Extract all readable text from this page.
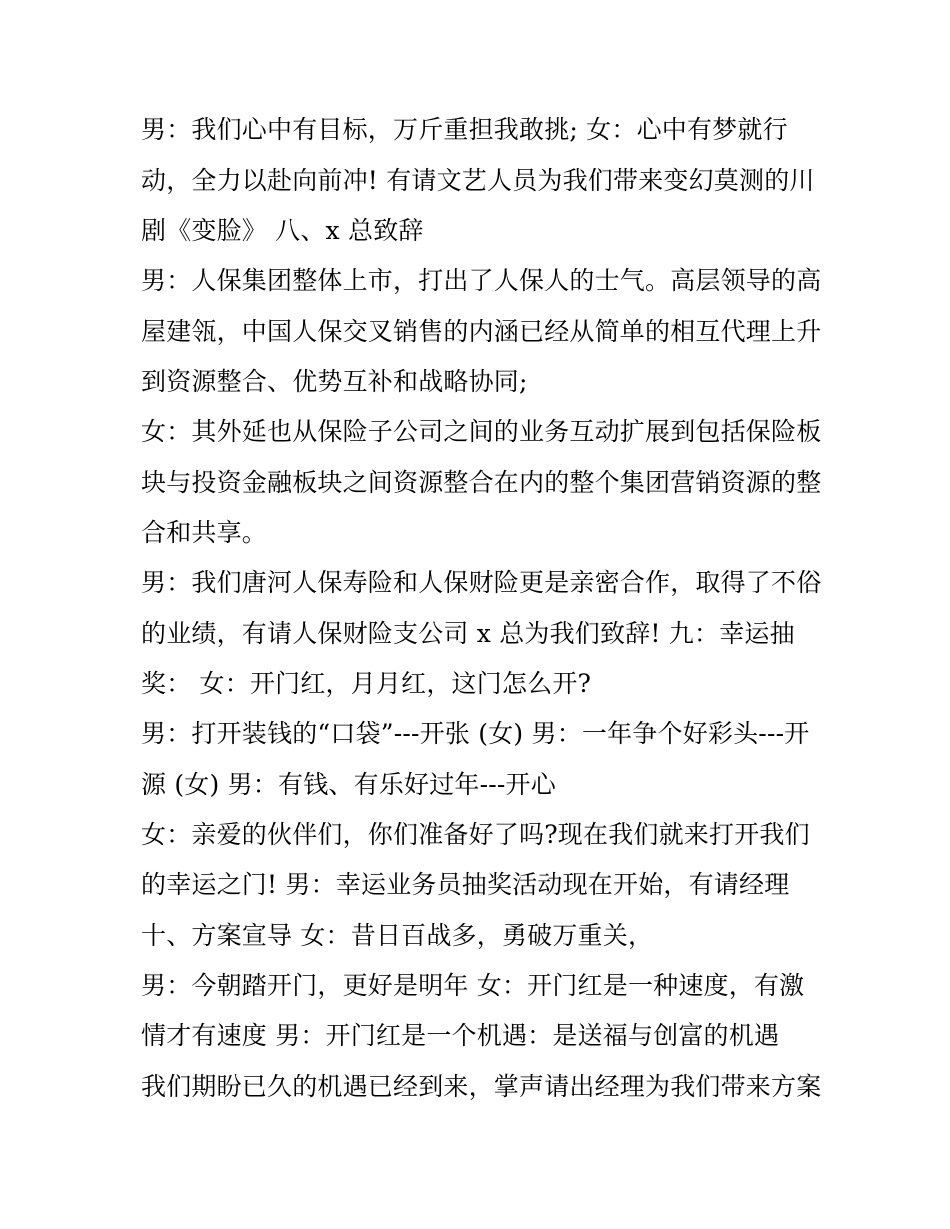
男：我们心中有目标，万斤重担我敢挑; 女：心中有梦就行
动，全力以赴向前冲! 有请文艺人员为我们带来变幻莫测的川
剧《变脸》 八、x 总致辞
男：人保集团整体上市，打出了人保人的士气。高层领导的高
屋建瓴，中国人保交叉销售的内涵已经从简单的相互代理上升
到资源整合、优势互补和战略协同;
女：其外延也从保险子公司之间的业务互动扩展到包括保险板
块与投资金融板块之间资源整合在内的整个集团营销资源的整
合和共享。
男：我们唐河人保寿险和人保财险更是亲密合作，取得了不俗
的业绩，有请人保财险支公司 x 总为我们致辞! 九：幸运抽
奖： 女：开门红，月月红，这门怎么开?
男：打开装钱的“口袋”---开张 (女) 男：一年争个好彩头---开
源 (女) 男：有钱、有乐好过年---开心
女：亲爱的伙伴们，你们准备好了吗?现在我们就来打开我们
的幸运之门! 男：幸运业务员抽奖活动现在开始，有请经理
十、方案宣导 女：昔日百战多，勇破万重关，
男：今朝踏开门，更好是明年 女：开门红是一种速度，有激
情才有速度 男：开门红是一个机遇：是送福与创富的机遇
我们期盼已久的机遇已经到来，掌声请出经理为我们带来方案
